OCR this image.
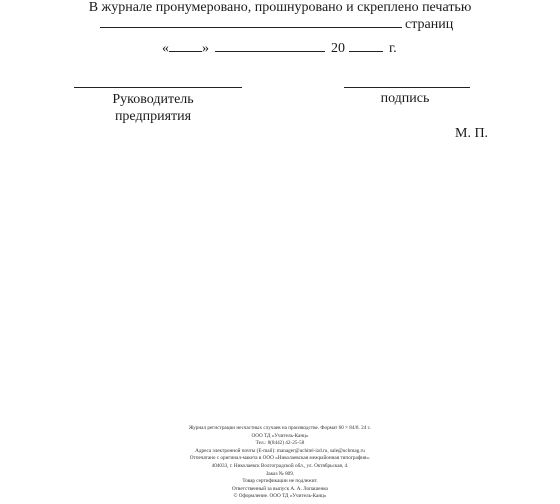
В журнале пронумеровано, прошнуровано и скреплено печатью
страниц
« »	20	г.
Руководитель предприятия
подпись
М. П.
Журнал регистрации несчастных случаев на производстве. Формат 60 × 84/8. 24 с.
ООО ТД «Учитель-Канц»
Тел.: 8(8442) 42-25-58
Адреса электронной почты (E-mail): manager@uchitel-izd.ru, sale@uchmag.ru
Отпечатано с оригинал-макета в ООО «Николаевская межрайонная типография».
404033, г. Николаевск Волгоградской обл., ул. Октябрьская, 4.
Заказ № 809.
Товар сертификации не подлежит.
Ответственный за выпуск А. А. Лопашенко
© Оформление. ООО ТД «Учитель-Канц»
